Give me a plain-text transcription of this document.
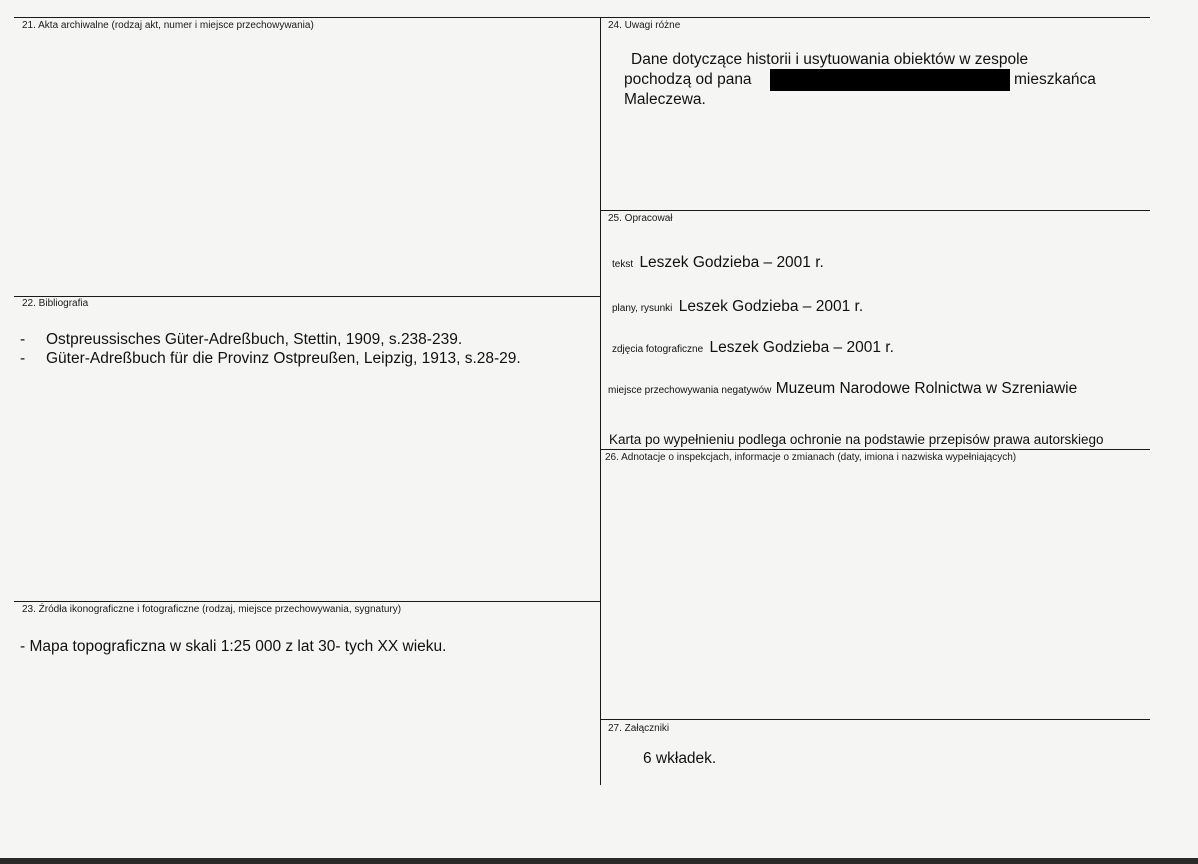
21. Akta archiwalne (rodzaj akt, numer i miejsce przechowywania)
22. Bibliografia
- Ostpreussisches Güter-Adreßbuch, Stettin, 1909, s.238-239.
- Güter-Adreßbuch für die Provinz Ostpreußen, Leipzig, 1913, s.28-29.
23. Źródła ikonograficzne i fotograficzne (rodzaj, miejsce przechowywania, sygnatury)
- Mapa topograficzna w skali 1:25 000 z lat 30- tych XX wieku.
24. Uwagi różne
Dane dotyczące historii i usytuowania obiektów w zespole
pochodzą od pana	mieszkańca
Maleczewa.
25. Opracował
tekst Leszek Godzieba – 2001 r.
plany, rysunki Leszek Godzieba – 2001 r.
zdjęcia fotograficzne Leszek Godzieba – 2001 r.
miejsce przechowywania negatywów Muzeum Narodowe Rolnictwa w Szreniawie
Karta po wypełnieniu podlega ochronie na podstawie przepisów prawa autorskiego
26. Adnotacje o inspekcjach, informacje o zmianach (daty, imiona i nazwiska wypełniających)
27. Załączniki
6 wkładek.
